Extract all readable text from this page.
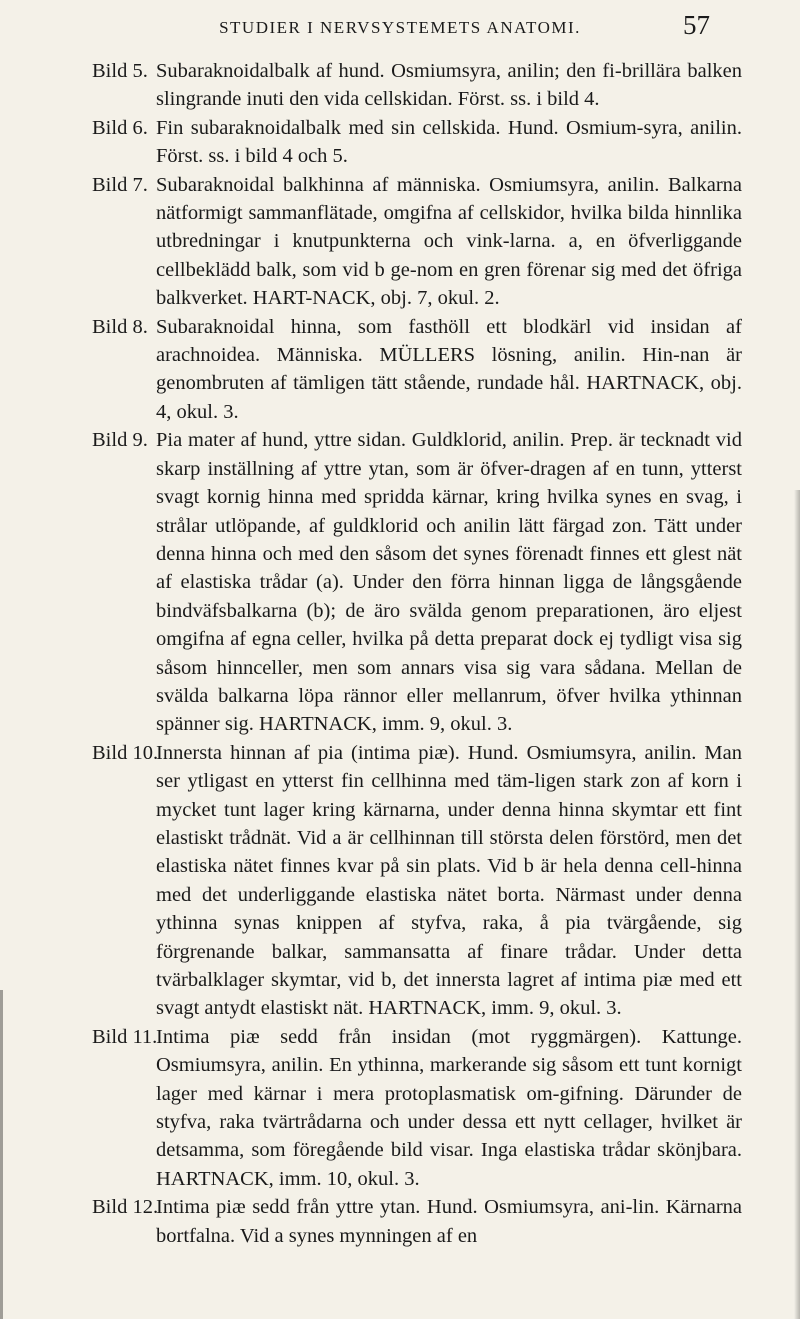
STUDIER I NERVSYSTEMETS ANATOMI.	57
Bild 5. Subaraknoidalbalk af hund. Osmiumsyra, anilin; den fi-brillära balken slingrande inuti den vida cellskidan. Först. ss. i bild 4.
Bild 6. Fin subaraknoidalbalk med sin cellskida. Hund. Osmium-syra, anilin. Först. ss. i bild 4 och 5.
Bild 7. Subaraknoidal balkhinna af människa. Osmiumsyra, anilin. Balkarna nätformigt sammanflätade, omgifna af cellskidor, hvilka bilda hinnlika utbredningar i knutpunkterna och vink-larna. a, en öfverliggande cellbeklädd balk, som vid b ge-nom en gren förenar sig med det öfriga balkverket. HART-NACK, obj. 7, okul. 2.
Bild 8. Subaraknoidal hinna, som fasthöll ett blodkärl vid insidan af arachnoidea. Människa. MÜLLERS lösning, anilin. Hin-nan är genombruten af tämligen tätt stående, rundade hål. HARTNACK, obj. 4, okul. 3.
Bild 9. Pia mater af hund, yttre sidan. Guldklorid, anilin. Prep. är tecknadt vid skarp inställning af yttre ytan, som är öfver-dragen af en tunn, ytterst svagt kornig hinna med spridda kärnar, kring hvilka synes en svag, i strålar utlöpande, af guldklorid och anilin lätt färgad zon. Tätt under denna hinna och med den såsom det synes förenadt finnes ett glest nät af elastiska trådar (a). Under den förra hinnan ligga de långsgående bindväfsbalkarna (b); de äro svälda genom preparationen, äro eljest omgifna af egna celler, hvilka på detta preparat dock ej tydligt visa sig såsom hinnceller, men som annars visa sig vara sådana. Mellan de svälda balkarna löpa rännor eller mellanrum, öfver hvilka ythinnan spänner sig. HARTNACK, imm. 9, okul. 3.
Bild 10.
Innersta hinnan af pia (intima piæ). Hund. Osmiumsyra, anilin. Man ser ytligast en ytterst fin cellhinna med täm-ligen stark zon af korn i mycket tunt lager kring kärnarna, under denna hinna skymtar ett fint elastiskt trådnät. Vid a är cellhinnan till största delen förstörd, men det elastiska nätet finnes kvar på sin plats. Vid b är hela denna cell-hinna med det underliggande elastiska nätet borta. Närmast under denna ythinna synas knippen af styfva, raka, å pia tvärgående, sig förgrenande balkar, sammansatta af finare trådar. Under detta tvärbalklager skymtar, vid b, det innersta lagret af intima piæ med ett svagt antydt elastiskt nät. HARTNACK, imm. 9, okul. 3.
Bild 11.
Intima piæ sedd från insidan (mot ryggmärgen). Kattunge. Osmiumsyra, anilin. En ythinna, markerande sig såsom ett tunt kornigt lager med kärnar i mera protoplasmatisk om-gifning. Därunder de styfva, raka tvärtrådarna och under dessa ett nytt cellager, hvilket är detsamma, som föregående bild visar. Inga elastiska trådar skönjbara. HARTNACK, imm. 10, okul. 3.
Bild 12.
Intima piæ sedd från yttre ytan. Hund. Osmiumsyra, ani-lin. Kärnarna bortfalna. Vid a synes mynningen af en
